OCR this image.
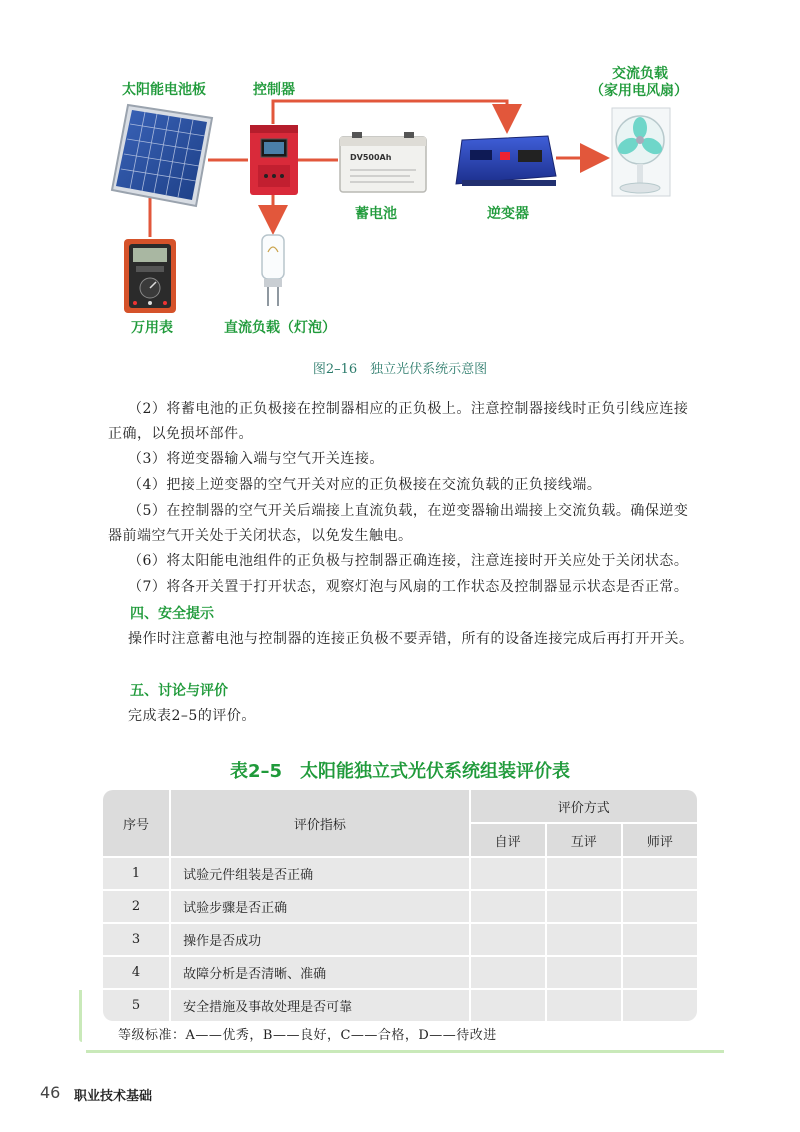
太阳能电池板	控制器
交流负载
（家用电风扇）
蓄电池	逆变器
万用表	直流负载（灯泡）
DV500Ah
图2–16　独立光伏系统示意图
（2）将蓄电池的正负极接在控制器相应的正负极上。注意控制器接线时正负引线应连接正确，以免损坏部件。
（3）将逆变器输入端与空气开关连接。
（4）把接上逆变器的空气开关对应的正负极接在交流负载的正负接线端。
（5）在控制器的空气开关后端接上直流负载，在逆变器输出端接上交流负载。确保逆变器前端空气开关处于关闭状态，以免发生触电。
（6）将太阳能电池组件的正负极与控制器正确连接，注意连接时开关应处于关闭状态。
（7）将各开关置于打开状态，观察灯泡与风扇的工作状态及控制器显示状态是否正常。
四、安全提示
操作时注意蓄电池与控制器的连接正负极不要弄错，所有的设备连接完成后再打开开关。
五、讨论与评价
完成表2–5的评价。
表2–5　太阳能独立式光伏系统组装评价表
序号	评价指标	评价方式		
		自评	互评	师评
1	试验元件组装是否正确			
2	试验步骤是否正确			
3	操作是否成功			
4	故障分析是否清晰、准确			
5	安全措施及事故处理是否可靠			
等级标准：A——优秀，B——良好，C——合格，D——待改进
46 职业技术基础
